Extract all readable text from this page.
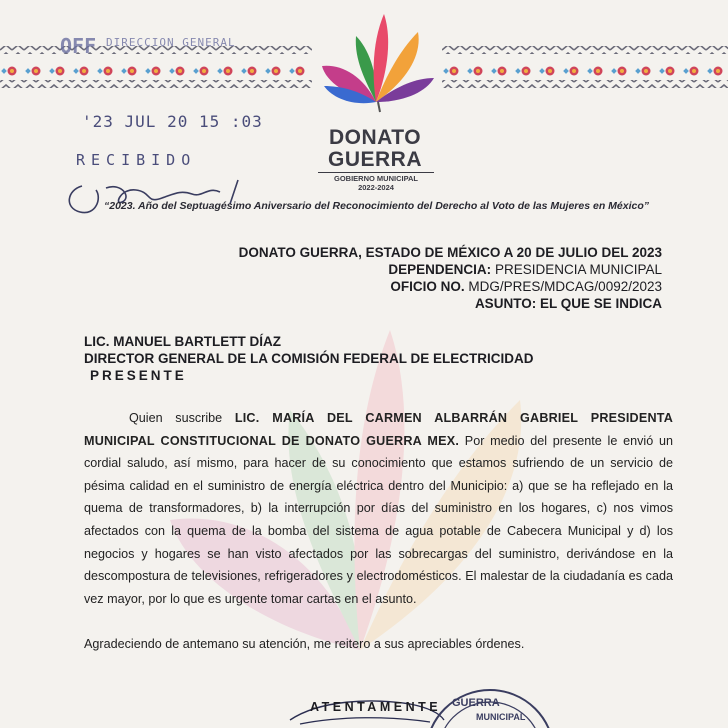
DONATO
GUERRA
GOBIERNO MUNICIPAL
2022-2024
OFF DIRECCION GENERAL
'23 JUL 20 15 :03
RECIBIDO
“2023. Año del Septuagésimo Aniversario del Reconocimiento del Derecho al Voto de las Mujeres en México”
DONATO GUERRA, ESTADO DE MÉXICO A 20 DE JULIO DEL 2023
DEPENDENCIA: PRESIDENCIA MUNICIPAL
OFICIO NO. MDG/PRES/MDCAG/0092/2023
ASUNTO: EL QUE SE INDICA
LIC. MANUEL BARTLETT DÍAZ
DIRECTOR GENERAL DE LA COMISIÓN FEDERAL DE ELECTRICIDAD
PRESENTE

Quien suscribe LIC. MARÍA DEL CARMEN ALBARRÁN GABRIEL PRESIDENTA MUNICIPAL CONSTITUCIONAL DE DONATO GUERRA MEX. Por medio del presente le envió un cordial saludo, así mismo, para hacer de su conocimiento que estamos sufriendo de un servicio de pésima calidad en el suministro de energía eléctrica dentro del Municipio: a) que se ha reflejado en la quema de transformadores, b) la interrupción por días del suministro en los hogares, c) nos vimos afectados con la quema de la bomba del sistema de agua potable de Cabecera Municipal y d) los negocios y hogares se han visto afectados por las sobrecargas del suministro, derivándose en la descompostura de televisiones, refrigeradores y electrodomésticos. El malestar de la ciudadanía es cada vez mayor, por lo que es urgente tomar cartas en el asunto.

Agradeciendo de antemano su atención, me reitero a sus apreciables órdenes.
ATENTAMENTE GUERRA
MUNICIPAL
